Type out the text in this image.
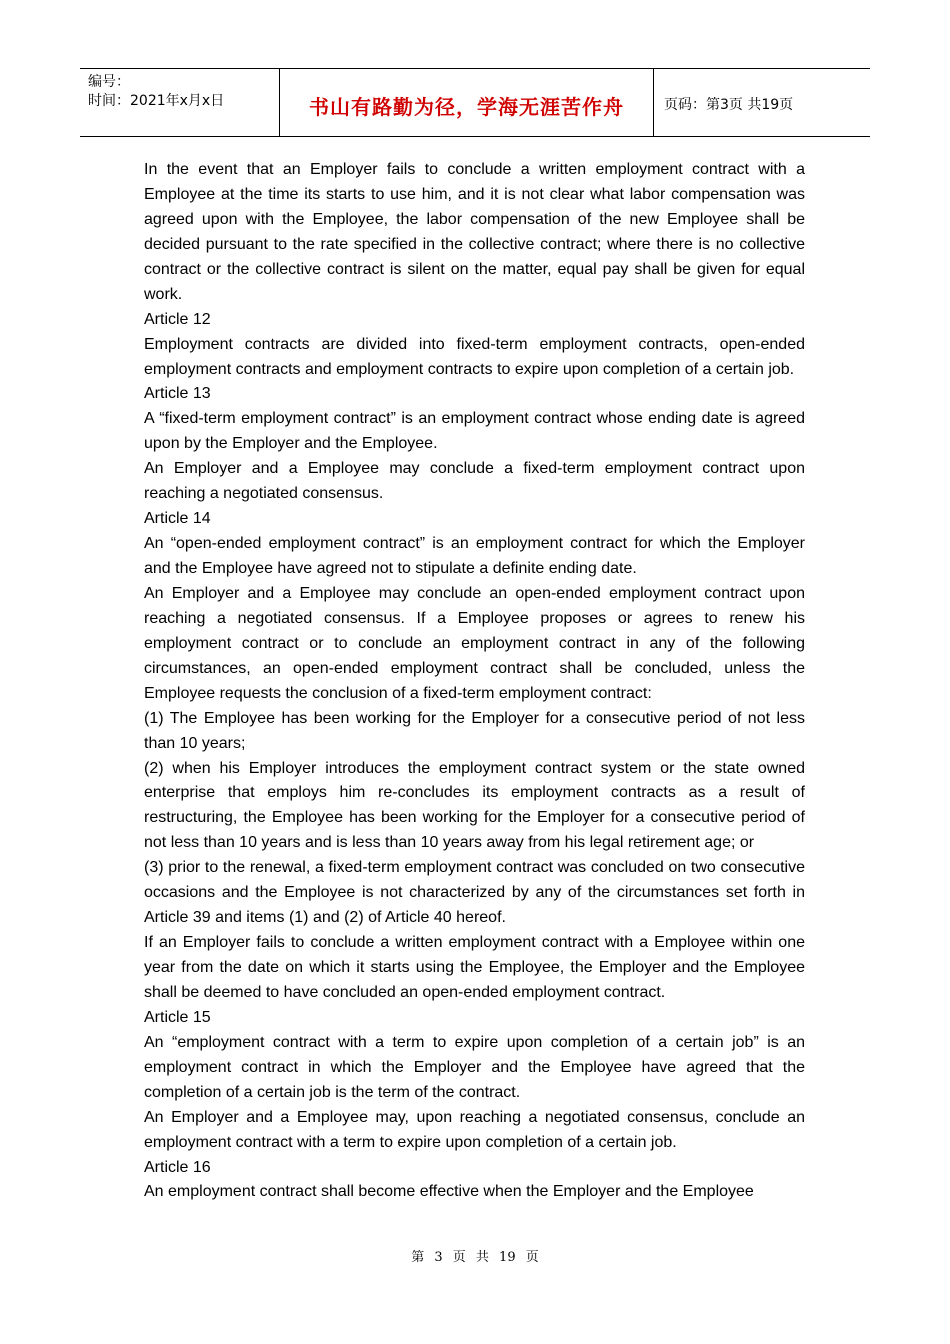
编号：
时间：2021年x月x日	书山有路勤为径，学海无涯苦作舟	页码：第3页 共19页

In the event that an Employer fails to conclude a written employment contract with a Employee at the time its starts to use him, and it is not clear what labor compensation was agreed upon with the Employee, the labor compensation of the new Employee shall be decided pursuant to the rate specified in the collective contract; where there is no collective contract or the collective contract is silent on the matter, equal pay shall be given for equal work.

Article 12

Employment contracts are divided into fixed-term employment contracts, open-ended employment contracts and employment contracts to expire upon completion of a certain job.

Article 13

A “fixed-term employment contract” is an employment contract whose ending date is agreed upon by the Employer and the Employee.

An Employer and a Employee may conclude a fixed-term employment contract upon reaching a negotiated consensus.

Article 14

An “open-ended employment contract” is an employment contract for which the Employer and the Employee have agreed not to stipulate a definite ending date.

An Employer and a Employee may conclude an open-ended employment contract upon reaching a negotiated consensus. If a Employee proposes or agrees to renew his employment contract or to conclude an employment contract in any of the following circumstances, an open-ended employment contract shall be concluded, unless the Employee requests the conclusion of a fixed-term employment contract:

(1) The Employee has been working for the Employer for a consecutive period of not less than 10 years;

(2) when his Employer introduces the employment contract system or the state owned enterprise that employs him re-concludes its employment contracts as a result of restructuring, the Employee has been working for the Employer for a consecutive period of not less than 10 years and is less than 10 years away from his legal retirement age; or

(3) prior to the renewal, a fixed-term employment contract was concluded on two consecutive occasions and the Employee is not characterized by any of the circumstances set forth in Article 39 and items (1) and (2) of Article 40 hereof.

If an Employer fails to conclude a written employment contract with a Employee within one year from the date on which it starts using the Employee, the Employer and the Employee shall be deemed to have concluded an open-ended employment contract.

Article 15

An “employment contract with a term to expire upon completion of a certain job” is an employment contract in which the Employer and the Employee have agreed that the completion of a certain job is the term of the contract.

An Employer and a Employee may, upon reaching a negotiated consensus, conclude an employment contract with a term to expire upon completion of a certain job.

Article 16

An employment contract shall become effective when the Employer and the Employee

第 3 页 共 19 页
